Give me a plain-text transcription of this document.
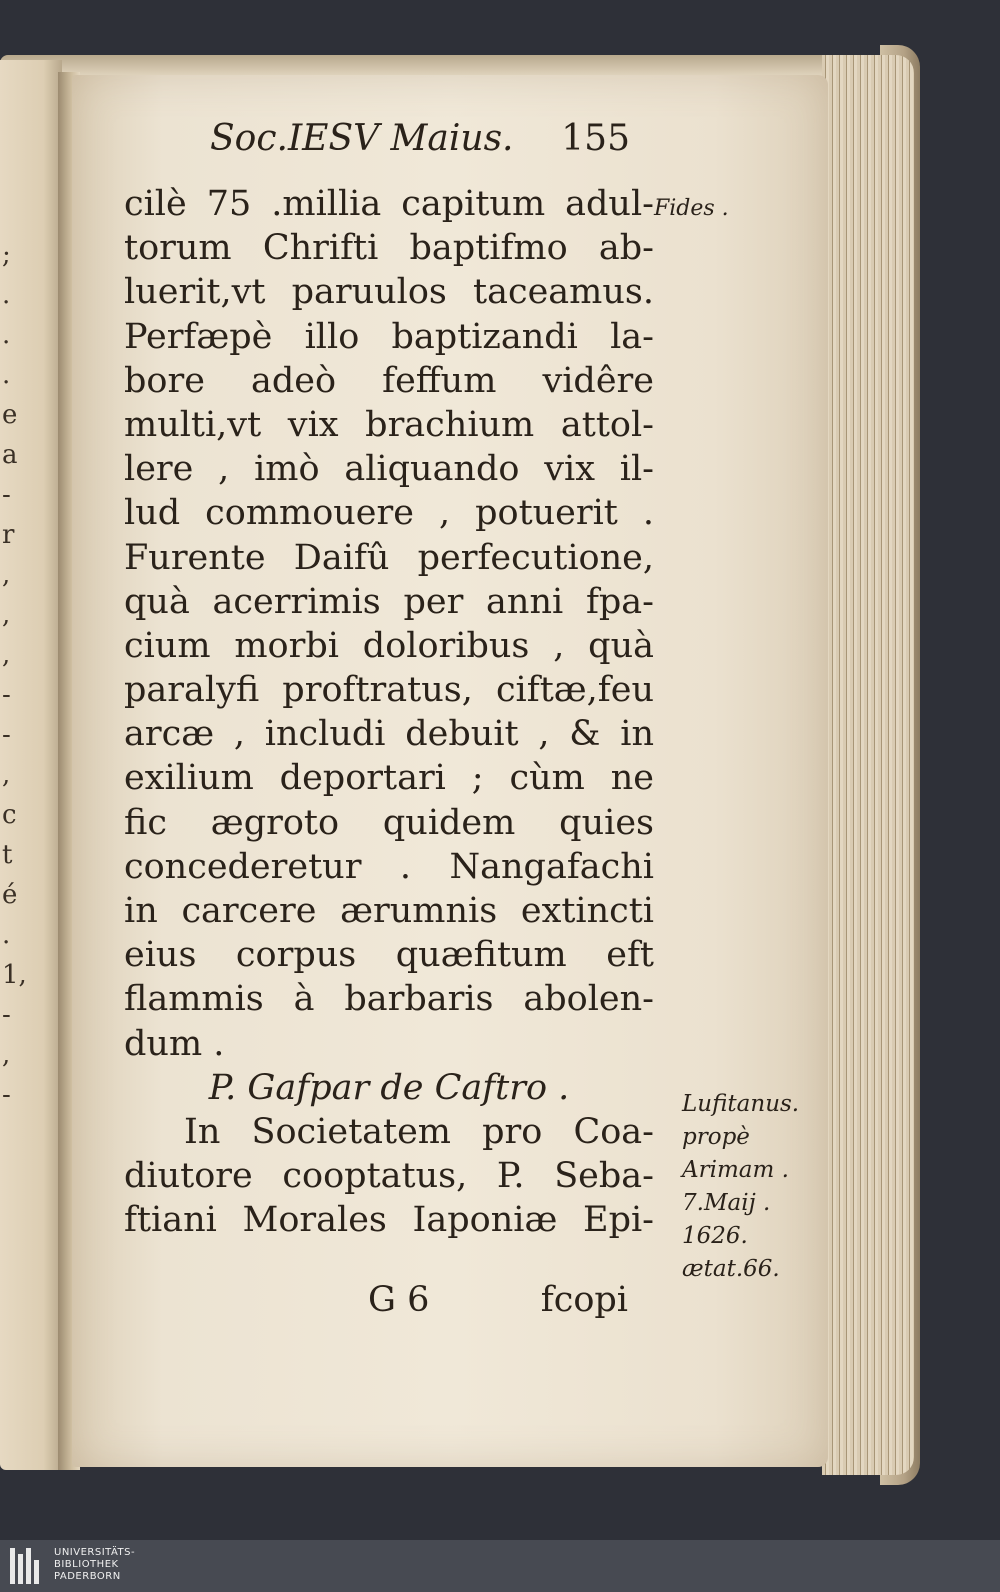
;
.
.
.
e
a
-
r
,
,
,
-
-
,
c
t
é
.
1,
-
,
-
Soc.IESV Maius. 155
cilè 75 .millia capitum adul-
torum Chrifti baptifmo ab-
luerit,vt paruulos taceamus.
Perfæpè illo baptizandi la-
bore adeò feffum vidêre
multi,vt vix brachium attol-
lere , imò aliquando vix il-
lud commouere , potuerit .
Furente Daifû perfecutione,
quà acerrimis per anni fpa-
cium morbi doloribus , quà
paralyfi proftratus, ciftæ,feu
arcæ , includi debuit , & in
exilium deportari ; cùm ne
fic ægroto quidem quies
concederetur . Nangafachi
in carcere ærumnis extincti
eius corpus quæfitum eft
flammis à barbaris abolen-
dum .
P. Gafpar de Caftro .
In Societatem pro Coa-
diutore cooptatus, P. Seba-
ftiani Morales Iaponiæ Epi-
Fides .
Lufitanus.
propè
Arimam .
7.Maij .
1626.
ætat.66.
G 6	fcopi
UNIVERSITÄTS-
BIBLIOTHEK
PADERBORN
